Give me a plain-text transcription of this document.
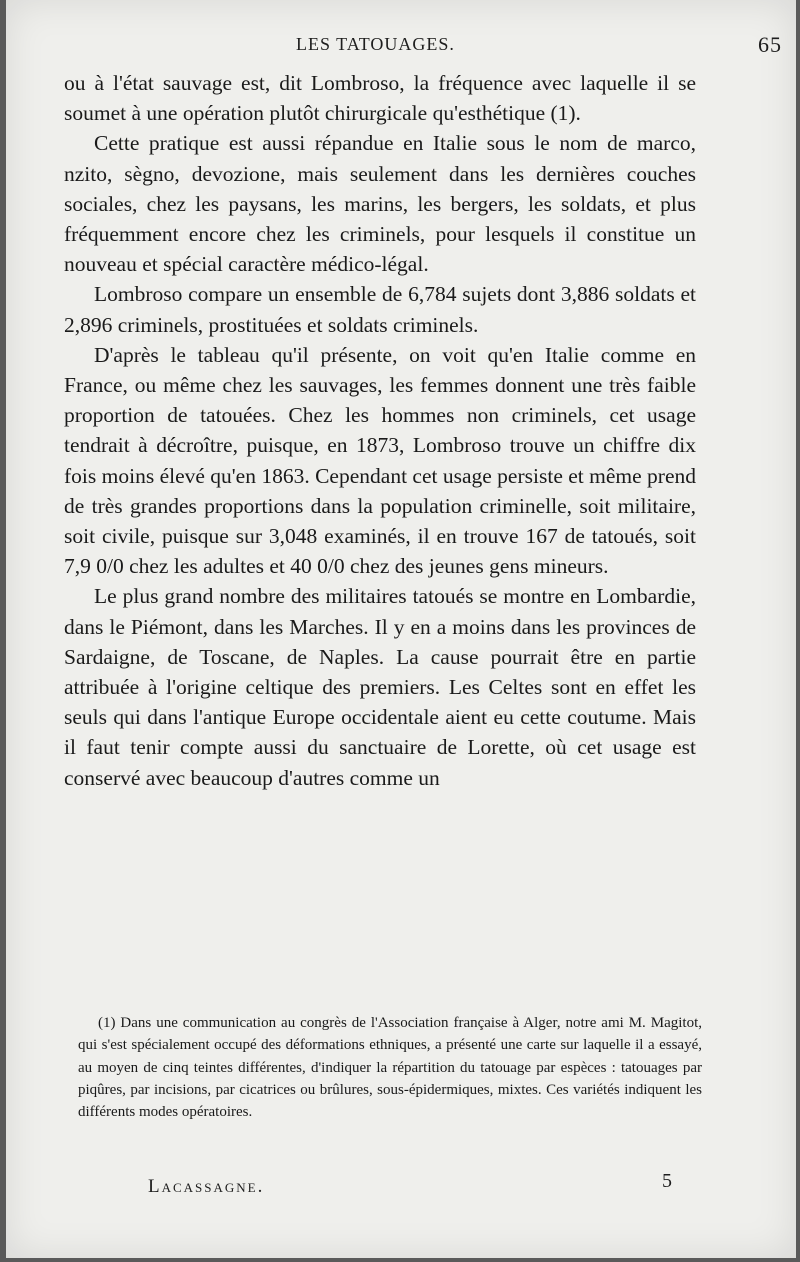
LES TATOUAGES.	65

ou à l'état sauvage est, dit Lombroso, la fréquence avec laquelle il se soumet à une opération plutôt chirurgicale qu'esthétique (1).

Cette pratique est aussi répandue en Italie sous le nom de marco, nzito, sègno, devozione, mais seulement dans les dernières couches sociales, chez les paysans, les marins, les bergers, les soldats, et plus fréquemment encore chez les criminels, pour lesquels il constitue un nouveau et spécial caractère médico-légal.

Lombroso compare un ensemble de 6,784 sujets dont 3,886 soldats et 2,896 criminels, prostituées et soldats criminels.

D'après le tableau qu'il présente, on voit qu'en Italie comme en France, ou même chez les sauvages, les femmes donnent une très faible proportion de tatouées. Chez les hommes non criminels, cet usage tendrait à décroître, puisque, en 1873, Lombroso trouve un chiffre dix fois moins élevé qu'en 1863. Cependant cet usage persiste et même prend de très grandes proportions dans la population criminelle, soit militaire, soit civile, puisque sur 3,048 examinés, il en trouve 167 de tatoués, soit 7,9 0/0 chez les adultes et 40 0/0 chez des jeunes gens mineurs.

Le plus grand nombre des militaires tatoués se montre en Lombardie, dans le Piémont, dans les Marches. Il y en a moins dans les provinces de Sardaigne, de Toscane, de Naples. La cause pourrait être en partie attribuée à l'origine celtique des premiers. Les Celtes sont en effet les seuls qui dans l'antique Europe occidentale aient eu cette coutume. Mais il faut tenir compte aussi du sanctuaire de Lorette, où cet usage est conservé avec beaucoup d'autres comme un

(1) Dans une communication au congrès de l'Association française à Alger, notre ami M. Magitot, qui s'est spécialement occupé des déformations ethniques, a présenté une carte sur laquelle il a essayé, au moyen de cinq teintes différentes, d'indiquer la répartition du tatouage par espèces : tatouages par piqûres, par incisions, par cicatrices ou brûlures, sous-épidermiques, mixtes. Ces variétés indiquent les différents modes opératoires.
Lacassagne.	5
